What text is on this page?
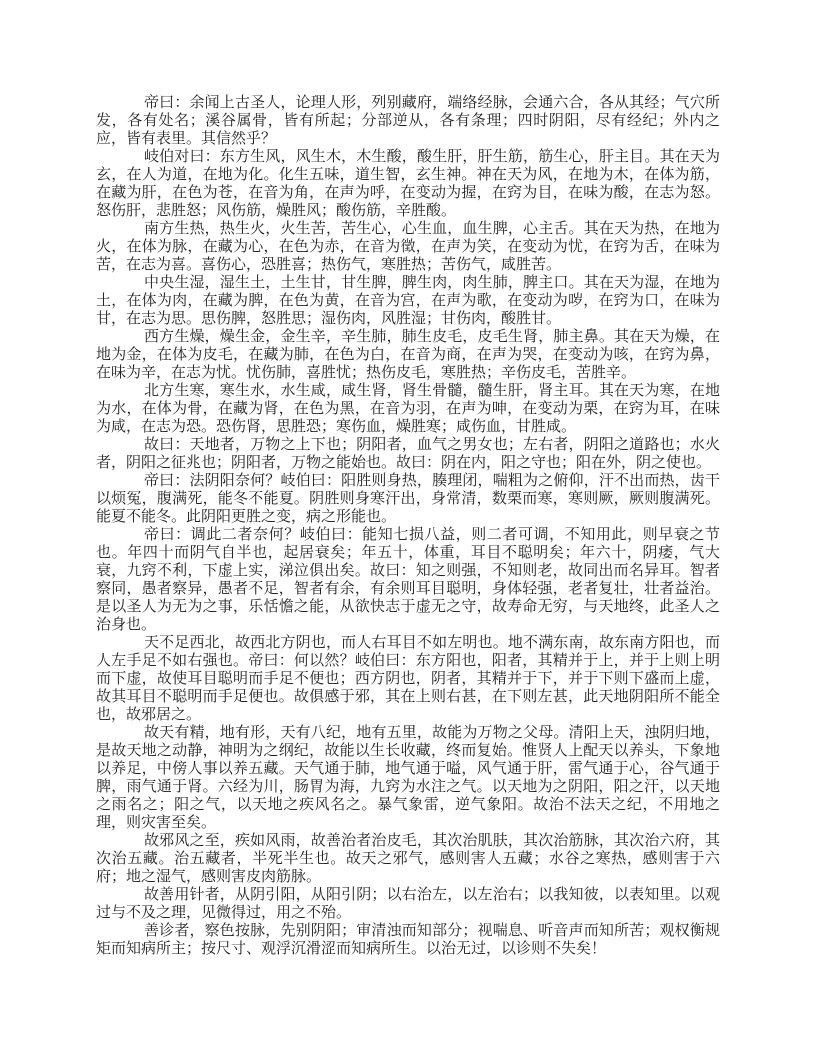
帝曰：余闻上古圣人，论理人形，列别藏府，端络经脉，会通六合，各从其经；气穴所发，各有处名；溪谷属骨，皆有所起；分部逆从，各有条理；四时阴阳，尽有经纪；外内之应，皆有表里。其信然乎？

岐伯对曰：东方生风，风生木，木生酸，酸生肝，肝生筋，筋生心，肝主目。其在天为玄，在人为道，在地为化。化生五味，道生智，玄生神。神在天为风，在地为木，在体为筋，在藏为肝，在色为苍，在音为角，在声为呼，在变动为握，在窍为目，在味为酸，在志为怒。怒伤肝，悲胜怒；风伤筋，燥胜风；酸伤筋，辛胜酸。

南方生热，热生火，火生苦，苦生心，心生血，血生脾，心主舌。其在天为热，在地为火，在体为脉，在藏为心，在色为赤，在音为徵，在声为笑，在变动为忧，在窍为舌，在味为苦，在志为喜。喜伤心，恐胜喜；热伤气，寒胜热；苦伤气，咸胜苦。

中央生湿，湿生土，土生甘，甘生脾，脾生肉，肉生肺，脾主口。其在天为湿，在地为土，在体为肉，在藏为脾，在色为黄，在音为宫，在声为歌，在变动为哕，在窍为口，在味为甘，在志为思。思伤脾，怒胜思；湿伤肉，风胜湿；甘伤肉，酸胜甘。

西方生燥，燥生金，金生辛，辛生肺，肺生皮毛，皮毛生肾，肺主鼻。其在天为燥，在地为金，在体为皮毛，在藏为肺，在色为白，在音为商，在声为哭，在变动为咳，在窍为鼻，在味为辛，在志为忧。忧伤肺，喜胜忧；热伤皮毛，寒胜热；辛伤皮毛，苦胜辛。

北方生寒，寒生水，水生咸，咸生肾，肾生骨髓，髓生肝，肾主耳。其在天为寒，在地为水，在体为骨，在藏为肾，在色为黑，在音为羽，在声为呻，在变动为栗，在窍为耳，在味为咸，在志为恐。恐伤肾，思胜恐；寒伤血，燥胜寒；咸伤血，甘胜咸。

故曰：天地者，万物之上下也；阴阳者，血气之男女也；左右者，阴阳之道路也；水火者，阴阳之征兆也；阴阳者，万物之能始也。故曰：阴在内，阳之守也；阳在外，阴之使也。

帝曰：法阴阳奈何？岐伯曰：阳胜则身热，腠理闭，喘粗为之俯仰，汗不出而热，齿干以烦冤，腹满死，能冬不能夏。阴胜则身寒汗出，身常清，数栗而寒，寒则厥，厥则腹满死。能夏不能冬。此阴阳更胜之变，病之形能也。

帝曰：调此二者奈何？岐伯曰：能知七损八益，则二者可调，不知用此，则早衰之节也。年四十而阴气自半也，起居衰矣；年五十，体重，耳目不聪明矣；年六十，阴痿，气大衰，九窍不利，下虚上实，涕泣俱出矣。故曰：知之则强，不知则老，故同出而名异耳。智者察同，愚者察异，愚者不足，智者有余，有余则耳目聪明，身体轻强，老者复壮，壮者益治。是以圣人为无为之事，乐恬憺之能，从欲快志于虚无之守，故寿命无穷，与天地终，此圣人之治身也。

天不足西北，故西北方阴也，而人右耳目不如左明也。地不满东南，故东南方阳也，而人左手足不如右强也。帝曰：何以然？岐伯曰：东方阳也，阳者，其精并于上，并于上则上明而下虚，故使耳目聪明而手足不便也；西方阴也，阴者，其精并于下，并于下则下盛而上虚，故其耳目不聪明而手足便也。故俱感于邪，其在上则右甚，在下则左甚，此天地阴阳所不能全也，故邪居之。

故天有精，地有形，天有八纪，地有五里，故能为万物之父母。清阳上天，浊阴归地，是故天地之动静，神明为之纲纪，故能以生长收藏，终而复始。惟贤人上配天以养头，下象地以养足，中傍人事以养五藏。天气通于肺，地气通于嗌，风气通于肝，雷气通于心，谷气通于脾，雨气通于肾。六经为川，肠胃为海，九窍为水注之气。以天地为之阴阳，阳之汗，以天地之雨名之；阳之气，以天地之疾风名之。暴气象雷，逆气象阳。故治不法天之纪，不用地之理，则灾害至矣。

故邪风之至，疾如风雨，故善治者治皮毛，其次治肌肤，其次治筋脉，其次治六府，其次治五藏。治五藏者，半死半生也。故天之邪气，感则害人五藏；水谷之寒热，感则害于六府；地之湿气，感则害皮肉筋脉。

故善用针者，从阴引阳，从阳引阴；以右治左，以左治右；以我知彼，以表知里。以观过与不及之理，见微得过，用之不殆。

善诊者，察色按脉，先别阴阳；审清浊而知部分；视喘息、听音声而知所苦；观权衡规矩而知病所主；按尺寸、观浮沉滑涩而知病所生。以治无过，以诊则不失矣！
